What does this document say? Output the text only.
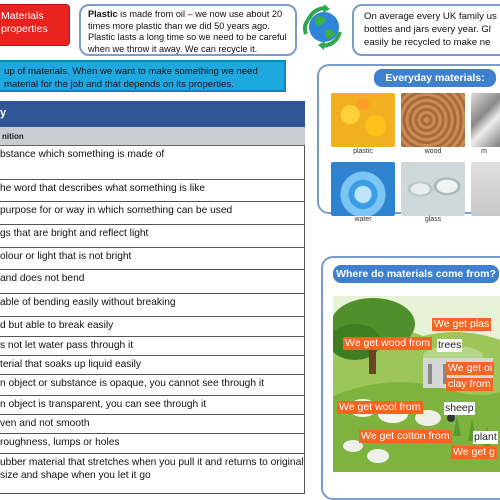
Materials
properties
Plastic is made from oil – we now use about 20 times more plastic than we did 50 years ago. Plastic lasts a long time so we need to be careful when we throw it away. We can recycle it.
On average every UK family us
bottles and jars every year. Gl
easily be recycled to make ne
up of materials. When we want to make something we need
material for the job and that depends on its properties.
y
nition
bstance which something is made of
he word that describes what something is like
purpose for or way in which something can be used
gs that are bright and reflect light
olour or light that is not bright
and does not bend
able of bending easily without breaking
d but able to break easily
s not let water pass through it
terial that soaks up liquid easily
n object or substance is opaque, you cannot see through it
n object is transparent, you can see through it
ven and not smooth
roughness, lumps or holes
ubber material that stretches when you pull it and returns to original size and shape when you let it go
Everyday materials:
plastic	wood	m
water	glass
Where do materials come from?
We get plas
We get wood from trees
We get oi
clay from
We get wool from sheep
We get cotton from plant
We get g
